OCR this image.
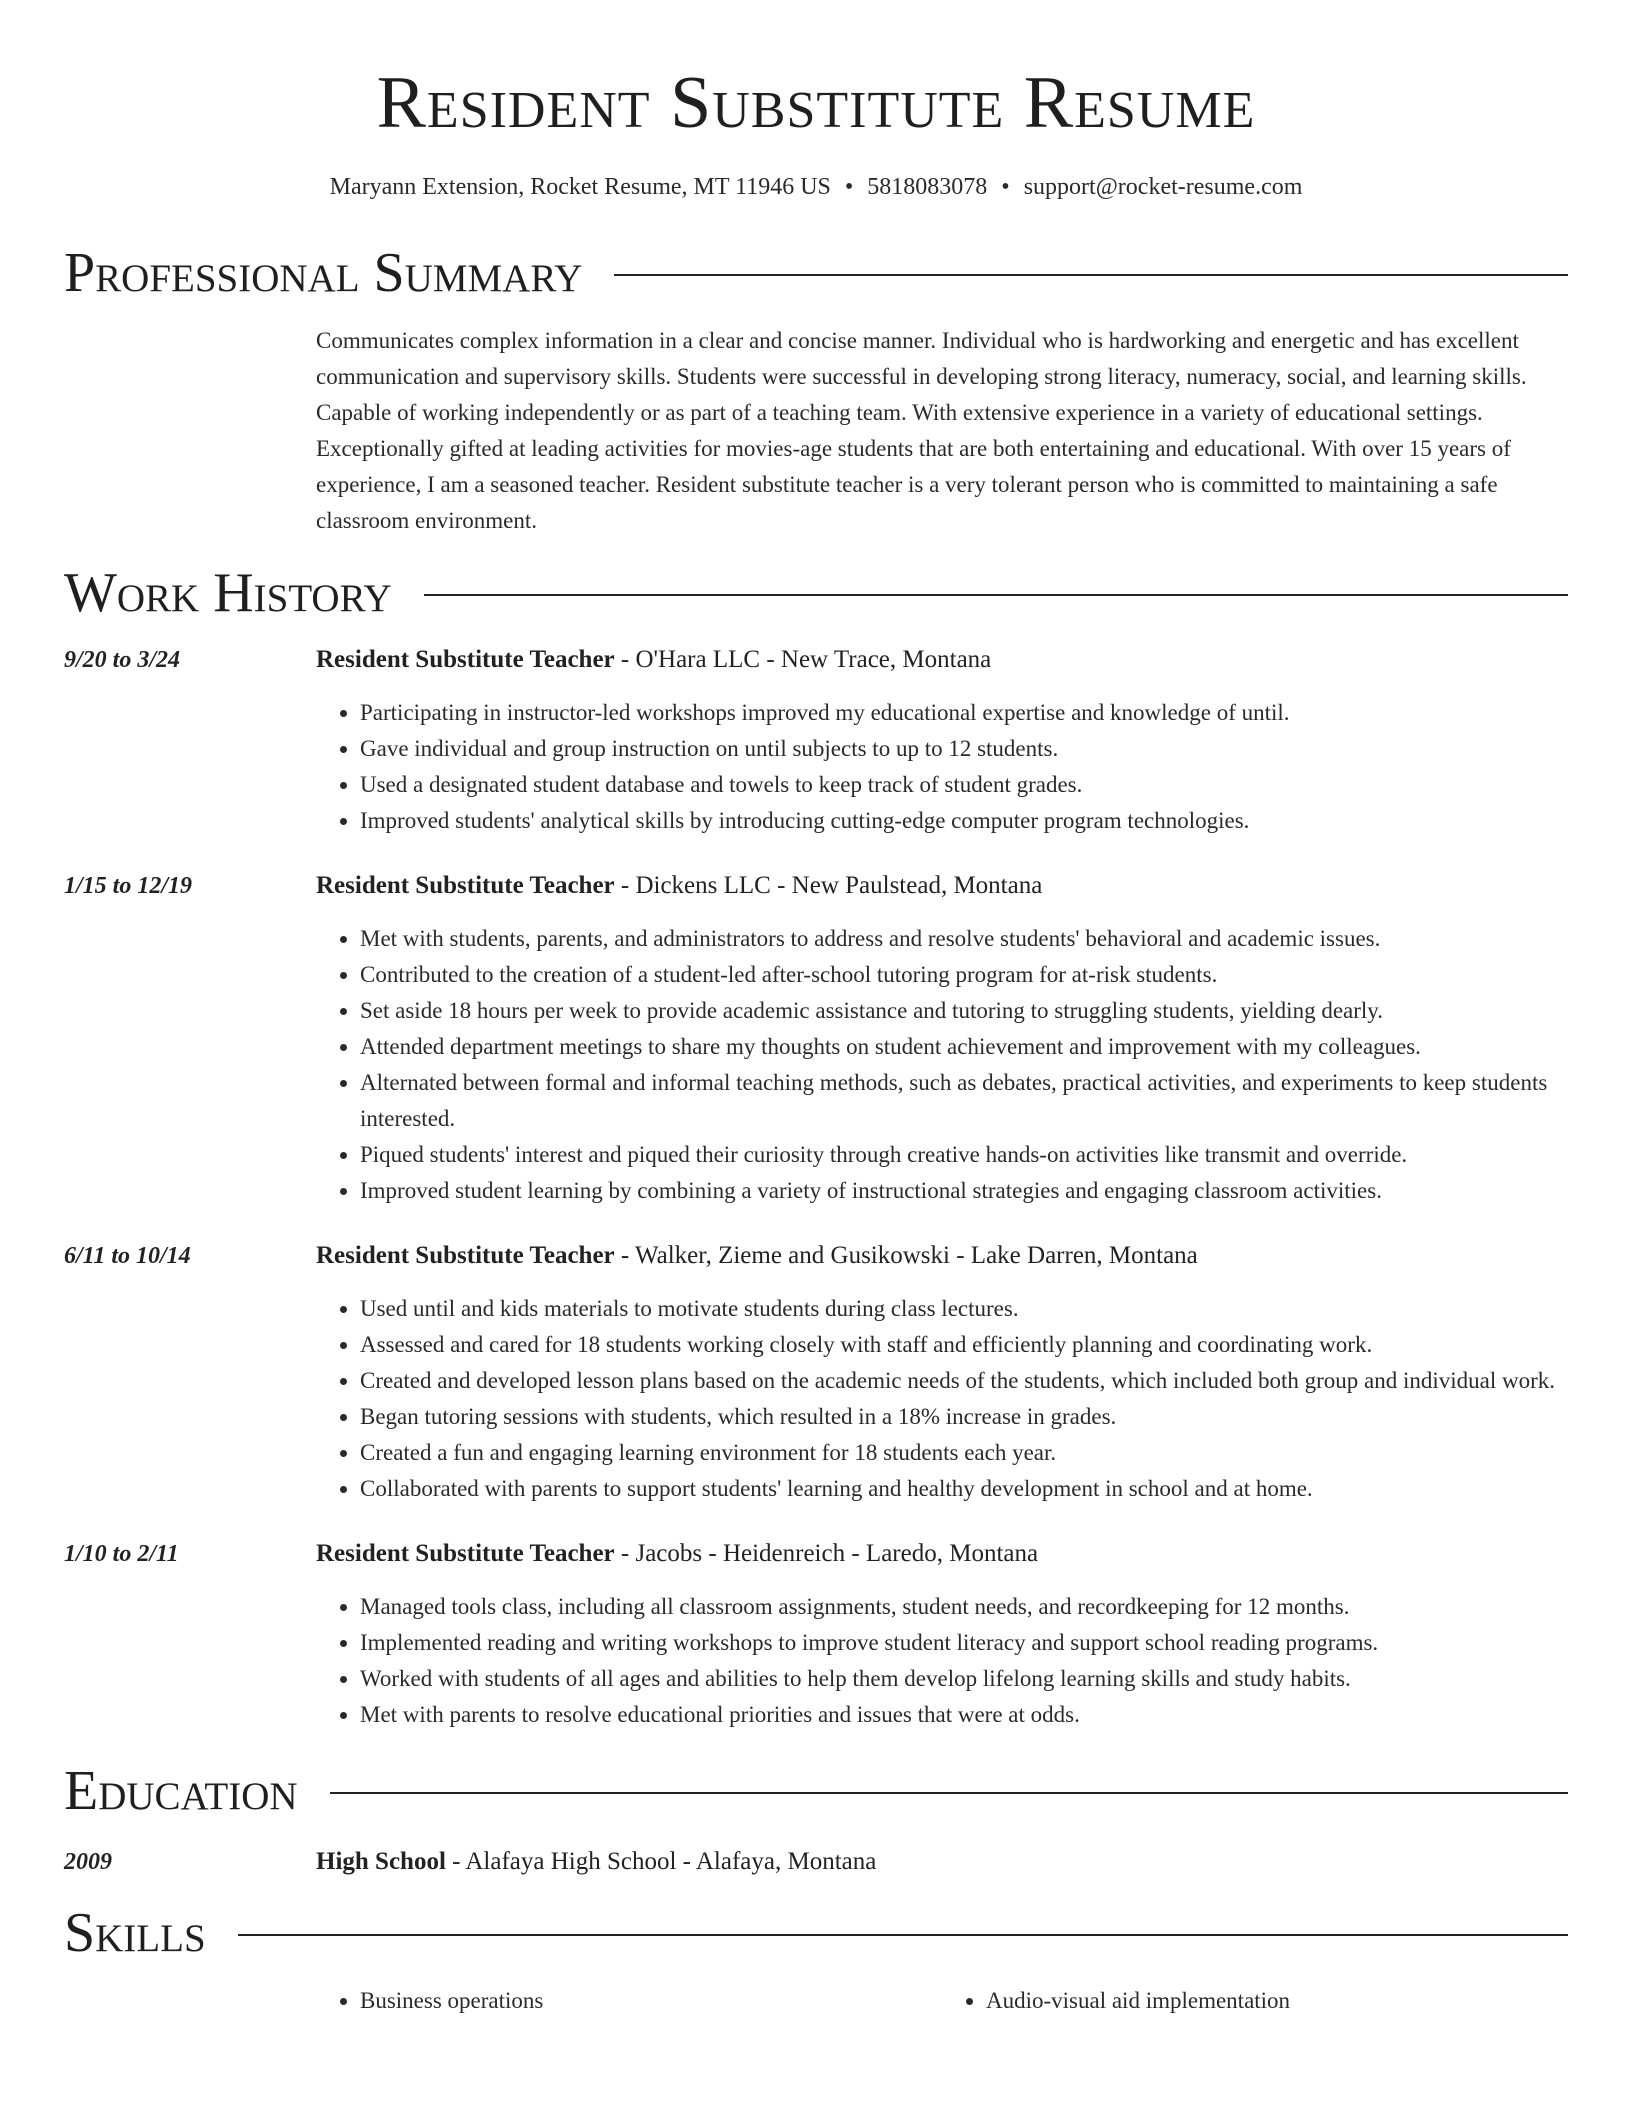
Resident Substitute Resume
Maryann Extension, Rocket Resume, MT 11946 US • 5818083078 • support@rocket-resume.com
Professional Summary
Communicates complex information in a clear and concise manner. Individual who is hardworking and energetic and has excellent communication and supervisory skills. Students were successful in developing strong literacy, numeracy, social, and learning skills. Capable of working independently or as part of a teaching team. With extensive experience in a variety of educational settings. Exceptionally gifted at leading activities for movies-age students that are both entertaining and educational. With over 15 years of experience, I am a seasoned teacher. Resident substitute teacher is a very tolerant person who is committed to maintaining a safe classroom environment.
Work History
9/20 to 3/24	Resident Substitute Teacher - O'Hara LLC - New Trace, Montana
• Participating in instructor-led workshops improved my educational expertise and knowledge of until.
• Gave individual and group instruction on until subjects to up to 12 students.
• Used a designated student database and towels to keep track of student grades.
• Improved students' analytical skills by introducing cutting-edge computer program technologies.
1/15 to 12/19	Resident Substitute Teacher - Dickens LLC - New Paulstead, Montana
• Met with students, parents, and administrators to address and resolve students' behavioral and academic issues.
• Contributed to the creation of a student-led after-school tutoring program for at-risk students.
• Set aside 18 hours per week to provide academic assistance and tutoring to struggling students, yielding dearly.
• Attended department meetings to share my thoughts on student achievement and improvement with my colleagues.
• Alternated between formal and informal teaching methods, such as debates, practical activities, and experiments to keep students interested.
• Piqued students' interest and piqued their curiosity through creative hands-on activities like transmit and override.
• Improved student learning by combining a variety of instructional strategies and engaging classroom activities.
6/11 to 10/14	Resident Substitute Teacher - Walker, Zieme and Gusikowski - Lake Darren, Montana
• Used until and kids materials to motivate students during class lectures.
• Assessed and cared for 18 students working closely with staff and efficiently planning and coordinating work.
• Created and developed lesson plans based on the academic needs of the students, which included both group and individual work.
• Began tutoring sessions with students, which resulted in a 18% increase in grades.
• Created a fun and engaging learning environment for 18 students each year.
• Collaborated with parents to support students' learning and healthy development in school and at home.
1/10 to 2/11	Resident Substitute Teacher - Jacobs - Heidenreich - Laredo, Montana
• Managed tools class, including all classroom assignments, student needs, and recordkeeping for 12 months.
• Implemented reading and writing workshops to improve student literacy and support school reading programs.
• Worked with students of all ages and abilities to help them develop lifelong learning skills and study habits.
• Met with parents to resolve educational priorities and issues that were at odds.
Education
2009	High School - Alafaya High School - Alafaya, Montana
Skills
• Business operations
•	Audio-visual aid implementation
